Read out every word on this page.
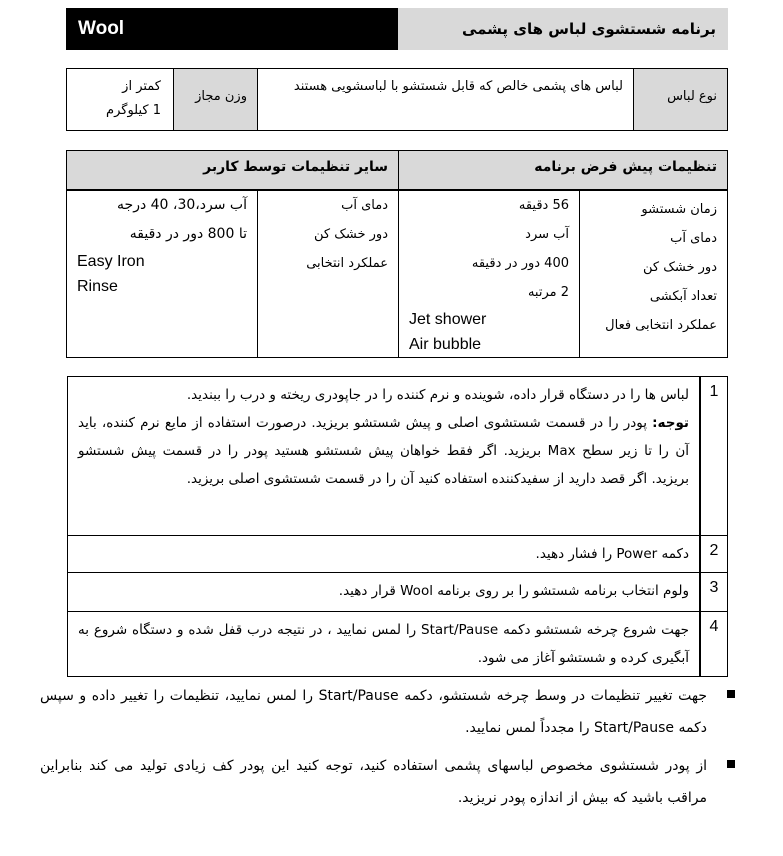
Wool	برنامه شستشوی لباس های پشمی
نوع لباس
لباس های پشمی خالص که قابل شستشو با لباسشویی هستند
وزن مجاز
کمتر از
1 کیلوگرم
تنظیمات پیش فرض برنامه
سایر تنظیمات توسط کاربر
زمان شستشو
دمای آب
دور خشک کن
تعداد آبکشی
عملکرد انتخابی فعال
56 دقیقه
آب سرد
400 دور در دقیقه
2 مرتبه
Jet shower
Air bubble
دمای آب
دور خشک کن
عملکرد انتخابی
آب سرد،30، 40 درجه
تا 800 دور در دقیقه
Easy Iron
Rinse
1
لباس ها را در دستگاه قرار داده، شوینده و نرم کننده را در جاپودری ریخته و درب را ببندید.
توجه: پودر را در قسمت شستشوی اصلی و پیش شستشو بریزید. درصورت استفاده از مایع نرم کننده، باید آن را تا زیر سطح Max بریزید. اگر فقط خواهان پیش شستشو هستید پودر را در قسمت پیش شستشو بریزید. اگر قصد دارید از سفیدکننده استفاده کنید آن را در قسمت شستشوی اصلی بریزید.
2
دکمه Power را فشار دهید.
3
ولوم انتخاب برنامه شستشو را بر روی برنامه Wool قرار دهید.
4
جهت شروع چرخه شستشو دکمه Start/Pause را لمس نمایید ، در نتیجه درب قفل شده و دستگاه شروع به آبگیری کرده و شستشو آغاز می شود.
جهت تغییر تنظیمات در وسط چرخه شستشو، دکمه Start/Pause را لمس نمایید، تنظیمات را تغییر داده و سپس دکمه Start/Pause را مجدداً لمس نمایید.
از پودر شستشوی مخصوص لباسهای پشمی استفاده کنید، توجه کنید این پودر کف زیادی تولید می کند بنابراین مراقب باشید که بیش از اندازه پودر نریزید.
